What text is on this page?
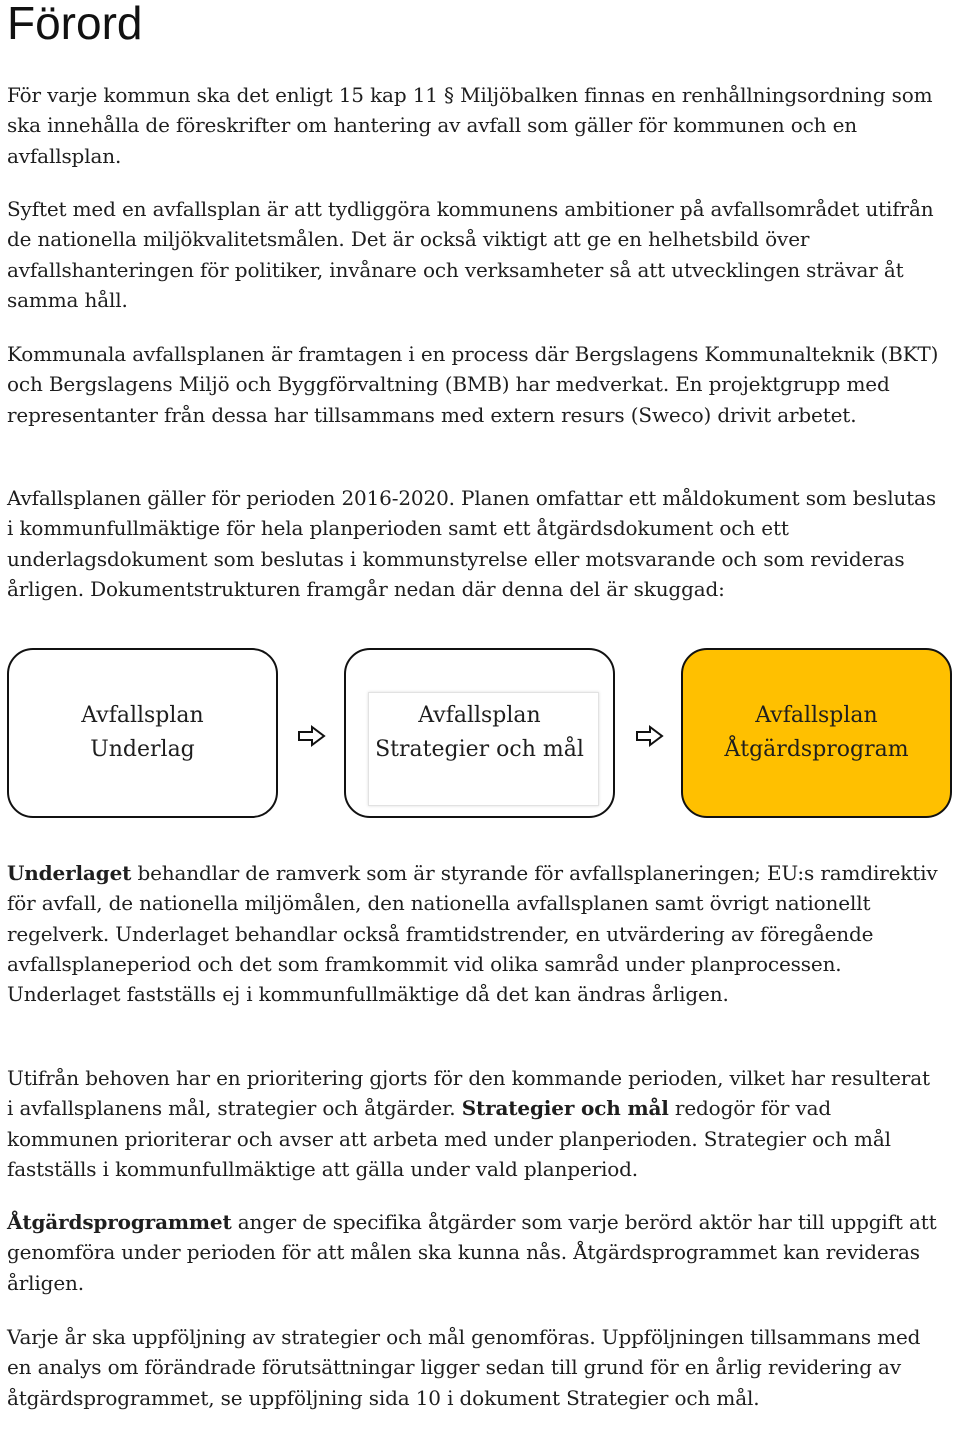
Förord

För varje kommun ska det enligt 15 kap 11 § Miljöbalken finnas en renhållningsordning som ska innehålla de föreskrifter om hantering av avfall som gäller för kommunen och en avfallsplan.

Syftet med en avfallsplan är att tydliggöra kommunens ambitioner på avfallsområdet utifrån de nationella miljökvalitetsmålen. Det är också viktigt att ge en helhetsbild över avfallshanteringen för politiker, invånare och verksamheter så att utvecklingen strävar åt samma håll.

Kommunala avfallsplanen är framtagen i en process där Bergslagens Kommunalteknik (BKT) och Bergslagens Miljö och Byggförvaltning (BMB) har medverkat. En projektgrupp med representanter från dessa har tillsammans med extern resurs (Sweco) drivit arbetet.

Avfallsplanen gäller för perioden 2016-2020. Planen omfattar ett måldokument som beslutas i kommunfullmäktige för hela planperioden samt ett åtgärdsdokument och ett underlagsdokument som beslutas i kommunstyrelse eller motsvarande och som revideras årligen. Dokumentstrukturen framgår nedan där denna del är skuggad:

Avfallsplan
Underlag
Avfallsplan
Strategier och mål
Avfallsplan
Åtgärdsprogram

Underlaget behandlar de ramverk som är styrande för avfallsplaneringen; EU:s ramdirektiv för avfall, de nationella miljömålen, den nationella avfallsplanen samt övrigt nationellt regelverk. Underlaget behandlar också framtidstrender, en utvärdering av föregående avfallsplaneperiod och det som framkommit vid olika samråd under planprocessen. Underlaget fastställs ej i kommunfullmäktige då det kan ändras årligen.

Utifrån behoven har en prioritering gjorts för den kommande perioden, vilket har resulterat i avfallsplanens mål, strategier och åtgärder. Strategier och mål redogör för vad kommunen prioriterar och avser att arbeta med under planperioden. Strategier och mål fastställs i kommunfullmäktige att gälla under vald planperiod.

Åtgärdsprogrammet anger de specifika åtgärder som varje berörd aktör har till uppgift att genomföra under perioden för att målen ska kunna nås. Åtgärdsprogrammet kan revideras årligen.

Varje år ska uppföljning av strategier och mål genomföras. Uppföljningen tillsammans med en analys om förändrade förutsättningar ligger sedan till grund för en årlig revidering av åtgärdsprogrammet, se uppföljning sida 10 i dokument Strategier och mål.
